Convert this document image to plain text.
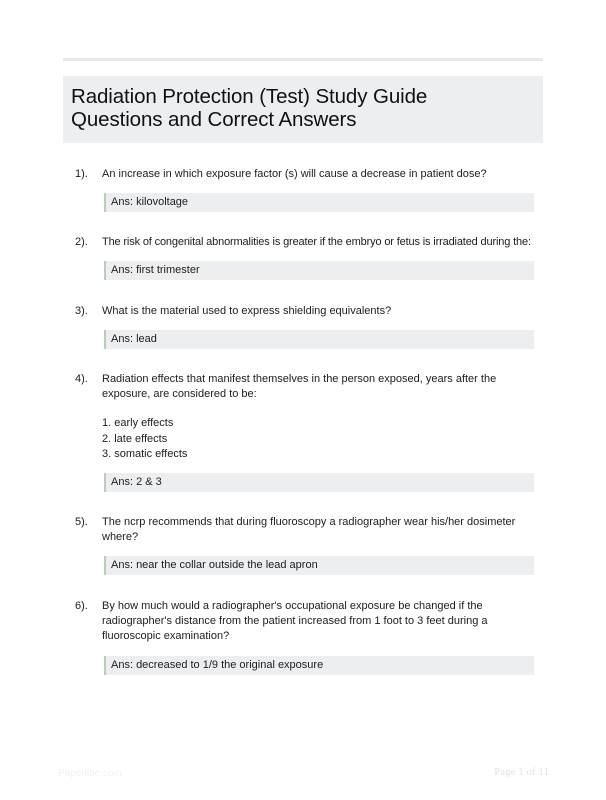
Radiation Protection (Test) Study Guide
Questions and Correct Answers
1). An increase in which exposure factor (s) will cause a decrease in patient dose?
Ans: kilovoltage
2). The risk of congenital abnormalities is greater if the embryo or fetus is irradiated during the:
Ans: first trimester
3). What is the material used to express shielding equivalents?
Ans: lead
4). Radiation effects that manifest themselves in the person exposed, years after the exposure, are considered to be:
1. early effects
2. late effects
3. somatic effects
Ans: 2 & 3
5). The ncrp recommends that during fluoroscopy a radiographer wear his/her dosimeter where?
Ans: near the collar outside the lead apron
6). By how much would a radiographer's occupational exposure be changed if the radiographer's distance from the patient increased from 1 foot to 3 feet during a fluoroscopic examination?
Ans: decreased to 1/9 the original exposure
Paperlibe.com	Page 1 of 11
